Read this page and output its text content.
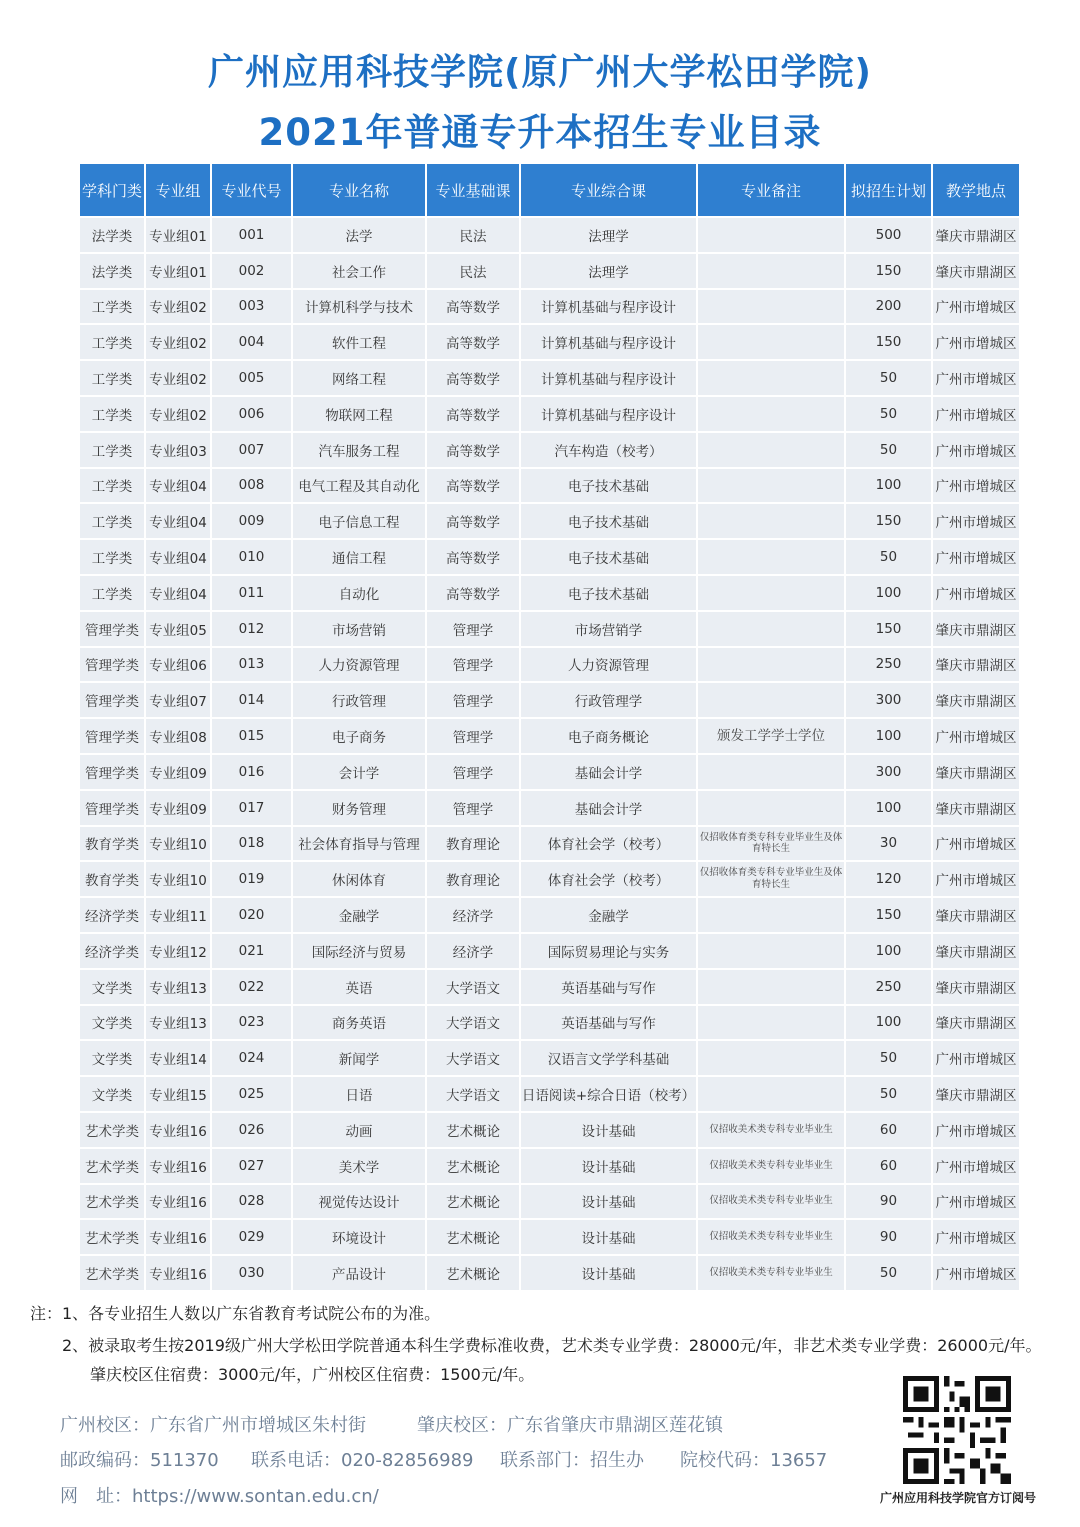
广州应用科技学院(原广州大学松田学院)
2021年普通专升本招生专业目录
学科门类	专业组	专业代号	专业名称	专业基础课	专业综合课	专业备注	拟招生计划	教学地点
法学类	专业组01	001	法学	民法	法理学		500	肇庆市鼎湖区
法学类	专业组01	002	社会工作	民法	法理学		150	肇庆市鼎湖区
工学类	专业组02	003	计算机科学与技术	高等数学	计算机基础与程序设计		200	广州市增城区
工学类	专业组02	004	软件工程	高等数学	计算机基础与程序设计		150	广州市增城区
工学类	专业组02	005	网络工程	高等数学	计算机基础与程序设计		50	广州市增城区
工学类	专业组02	006	物联网工程	高等数学	计算机基础与程序设计		50	广州市增城区
工学类	专业组03	007	汽车服务工程	高等数学	汽车构造（校考）		50	广州市增城区
工学类	专业组04	008	电气工程及其自动化	高等数学	电子技术基础		100	广州市增城区
工学类	专业组04	009	电子信息工程	高等数学	电子技术基础		150	广州市增城区
工学类	专业组04	010	通信工程	高等数学	电子技术基础		50	广州市增城区
工学类	专业组04	011	自动化	高等数学	电子技术基础		100	广州市增城区
管理学类	专业组05	012	市场营销	管理学	市场营销学		150	肇庆市鼎湖区
管理学类	专业组06	013	人力资源管理	管理学	人力资源管理		250	肇庆市鼎湖区
管理学类	专业组07	014	行政管理	管理学	行政管理学		300	肇庆市鼎湖区
管理学类	专业组08	015	电子商务	管理学	电子商务概论	颁发工学学士学位	100	广州市增城区
管理学类	专业组09	016	会计学	管理学	基础会计学		300	肇庆市鼎湖区
管理学类	专业组09	017	财务管理	管理学	基础会计学		100	肇庆市鼎湖区
教育学类	专业组10	018	社会体育指导与管理	教育理论	体育社会学（校考）	仅招收体育类专科专业毕业生及体育特长生	30	广州市增城区
教育学类	专业组10	019	休闲体育	教育理论	体育社会学（校考）	仅招收体育类专科专业毕业生及体育特长生	120	广州市增城区
经济学类	专业组11	020	金融学	经济学	金融学		150	肇庆市鼎湖区
经济学类	专业组12	021	国际经济与贸易	经济学	国际贸易理论与实务		100	肇庆市鼎湖区
文学类	专业组13	022	英语	大学语文	英语基础与写作		250	肇庆市鼎湖区
文学类	专业组13	023	商务英语	大学语文	英语基础与写作		100	肇庆市鼎湖区
文学类	专业组14	024	新闻学	大学语文	汉语言文学学科基础		50	广州市增城区
文学类	专业组15	025	日语	大学语文	日语阅读+综合日语（校考）		50	肇庆市鼎湖区
艺术学类	专业组16	026	动画	艺术概论	设计基础	仅招收美术类专科专业毕业生	60	广州市增城区
艺术学类	专业组16	027	美术学	艺术概论	设计基础	仅招收美术类专科专业毕业生	60	广州市增城区
艺术学类	专业组16	028	视觉传达设计	艺术概论	设计基础	仅招收美术类专科专业毕业生	90	广州市增城区
艺术学类	专业组16	029	环境设计	艺术概论	设计基础	仅招收美术类专科专业毕业生	90	广州市增城区
艺术学类	专业组16	030	产品设计	艺术概论	设计基础	仅招收美术类专科专业毕业生	50	广州市增城区
注：1、各专业招生人数以广东省教育考试院公布的为准。
2、被录取考生按2019级广州大学松田学院普通本科生学费标准收费，艺术类专业学费：28000元/年，非艺术类专业学费：26000元/年。
肇庆校区住宿费：3000元/年，广州校区住宿费：1500元/年。
广州校区：广东省广州市增城区朱村街	肇庆校区：广东省肇庆市鼎湖区莲花镇
邮政编码：511370 联系电话：020-82856989 联系部门：招生办 院校代码：13657
网　址：https://www.sontan.edu.cn/	广州应用科技学院官方订阅号
